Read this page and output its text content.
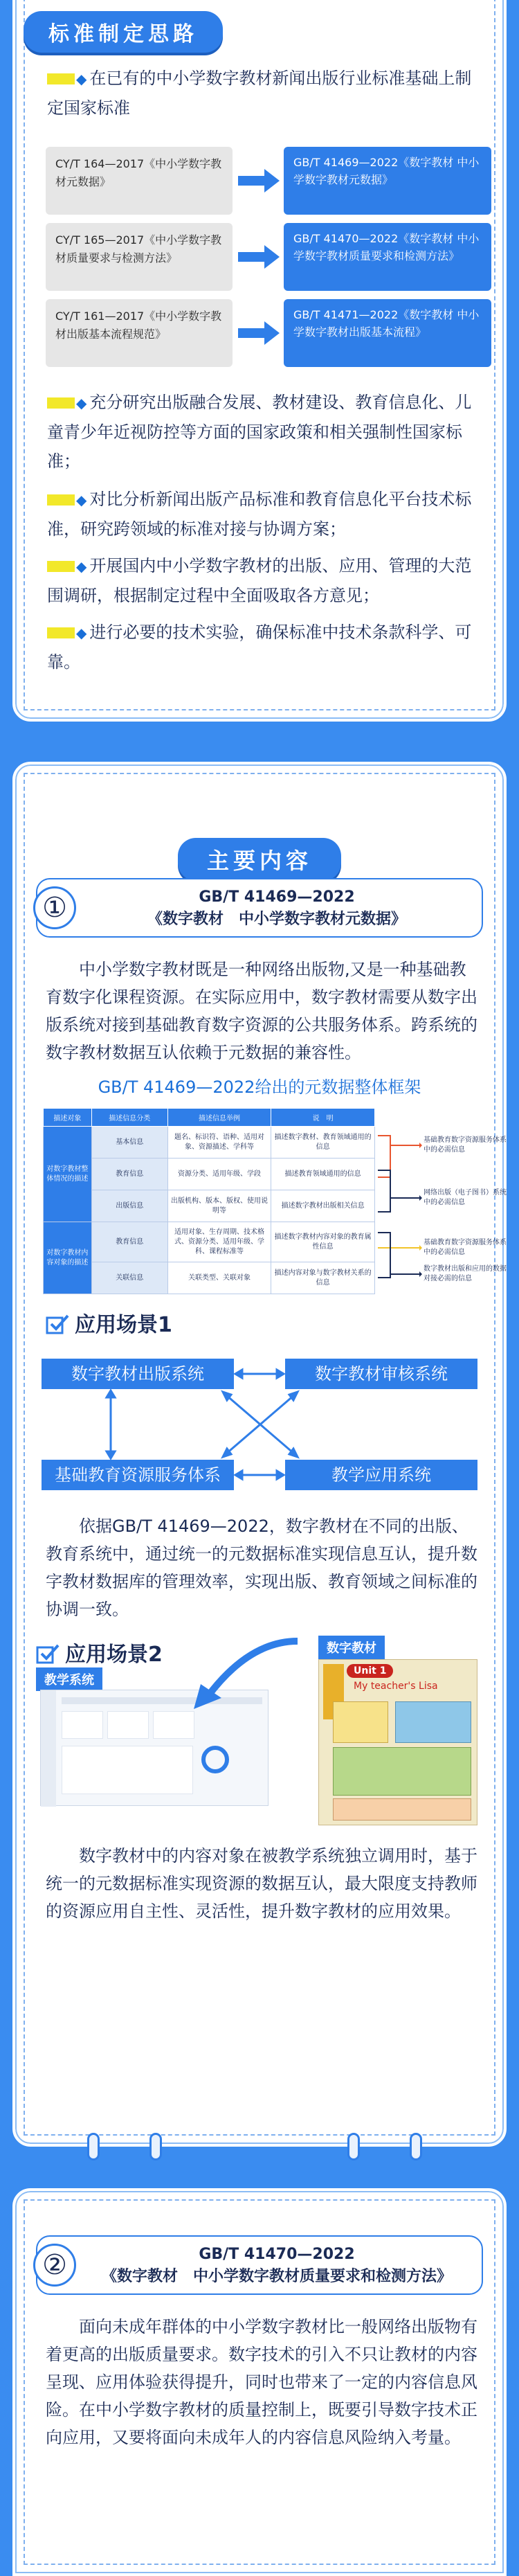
标准制定思路
◆ 在已有的中小学数字教材新闻出版行业标准基础上制定国家标准
CY/T 164—2017《中小学数字教材元数据》
GB/T 41469—2022《数字教材 中小学数字教材元数据》
CY/T 165—2017《中小学数字教材质量要求与检测方法》
GB/T 41470—2022《数字教材 中小学数字教材质量要求和检测方法》
CY/T 161—2017《中小学数字教材出版基本流程规范》
GB/T 41471—2022《数字教材 中小学数字教材出版基本流程》
◆ 充分研究出版融合发展、教材建设、教育信息化、儿童青少年近视防控等方面的国家政策和相关强制性国家标准；
◆ 对比分析新闻出版产品标准和教育信息化平台技术标准，研究跨领域的标准对接与协调方案；
◆ 开展国内中小学数字教材的出版、应用、管理的大范围调研，根据制定过程中全面吸取各方意见；
◆ 进行必要的技术实验，确保标准中技术条款科学、可靠。
主要内容
①	GB/T 41469—2022
《数字教材　中小学数字教材元数据》
中小学数字教材既是一种网络出版物,又是一种基础教育数字化课程资源。在实际应用中，数字教材需要从数字出版系统对接到基础教育数字资源的公共服务体系。跨系统的数字教材数据互认依赖于元数据的兼容性。
GB/T 41469—2022给出的元数据整体框架
描述对象	描述信息分类	描述信息举例	说　明
对数字教材整体情况的描述	基本信息	题名、标识符、语种、适用对象、资源描述、学科等	描述数字教材、教育领域通用的信息
	教育信息	资源分类、适用年级、学段	描述教育领域通用的信息
	出版信息	出版机构、版本、版权、使用说明等	描述数字教材出版相关信息
对数字教材内容对象的描述	教育信息	适用对象、生存周期、技术格式、资源分类、适用年级、学科、课程标准等	描述数字教材内容对象的教育属性信息
	关联信息	关联类型、关联对象	描述内容对象与数字教材关系的信息
基础教育数字资源服务体系中的必需信息
网络出版（电子图书）系统中的必需信息
基础教育数字资源服务体系中的必需信息
数字教材出版和应用的数据对接必需的信息
应用场景1
数字教材出版系统	数字教材审核系统
基础教育资源服务体系	教学应用系统
依据GB/T 41469—2022，数字教材在不同的出版、教育系统中，通过统一的元数据标准实现信息互认，提升数字教材数据库的管理效率，实现出版、教育领域之间标准的协调一致。
应用场景2
教学系统
数字教材
Unit 1
My teacher's Lisa
数字教材中的内容对象在被教学系统独立调用时，基于统一的元数据标准实现资源的数据互认，最大限度支持教师的资源应用自主性、灵活性，提升数字教材的应用效果。
②	GB/T 41470—2022
《数字教材　中小学数字教材质量要求和检测方法》
面向未成年群体的中小学数字教材比一般网络出版物有着更高的出版质量要求。数字技术的引入不只让教材的内容呈现、应用体验获得提升，同时也带来了一定的内容信息风险。在中小学数字教材的质量控制上，既要引导数字技术正向应用，又要将面向未成年人的内容信息风险纳入考量。
